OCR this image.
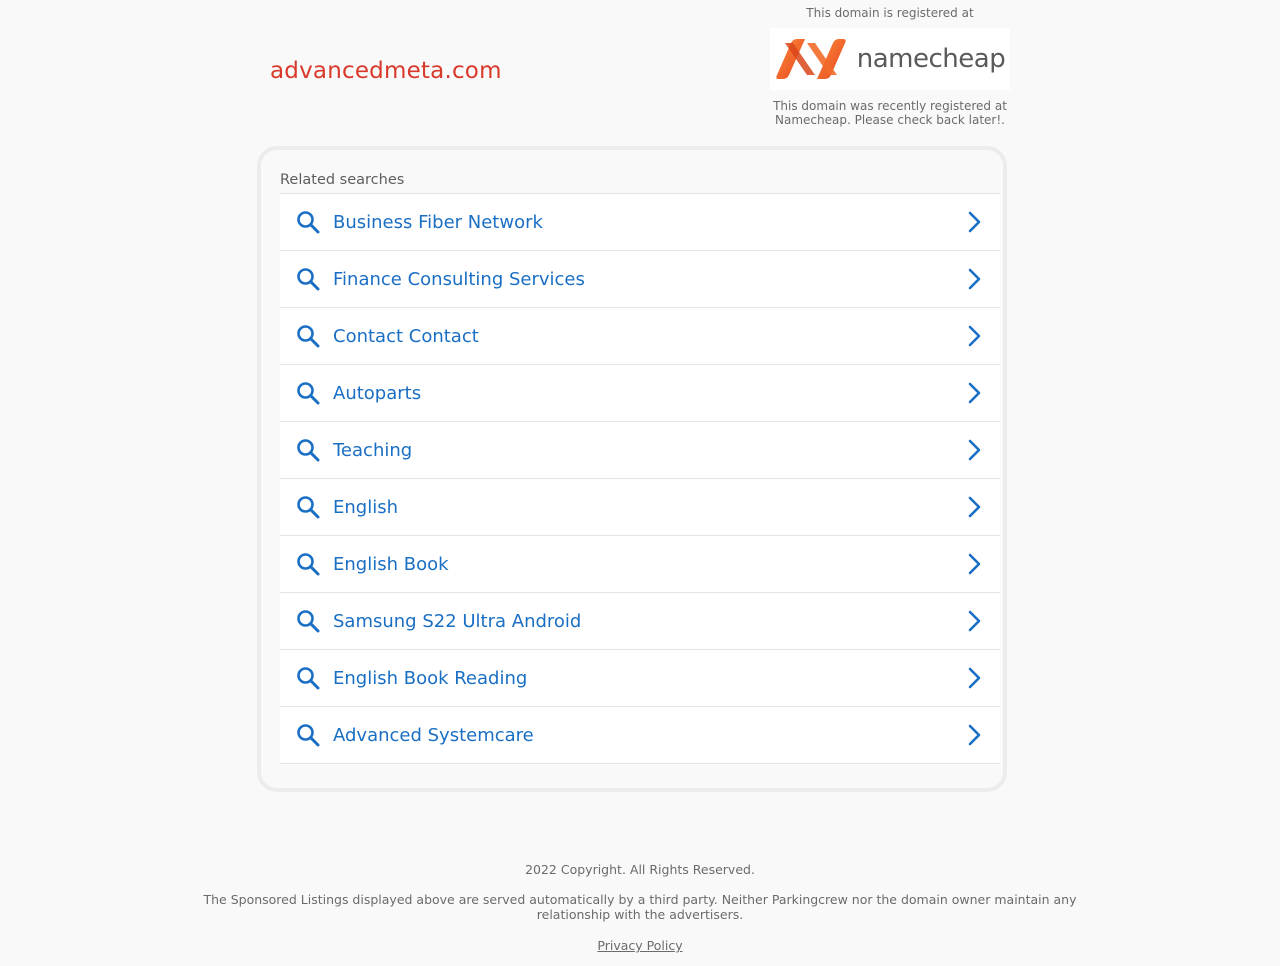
advancedmeta.com
This domain is registered at
namecheap
This domain was recently registered at
Namecheap. Please check back later!.
Related searches
Business Fiber Network
Finance Consulting Services
Contact Contact
Autoparts
Teaching
English
English Book
Samsung S22 Ultra Android
English Book Reading
Advanced Systemcare
2022 Copyright. All Rights Reserved.
The Sponsored Listings displayed above are served automatically by a third party. Neither Parkingcrew nor the domain owner maintain any relationship with the advertisers.
Privacy Policy
